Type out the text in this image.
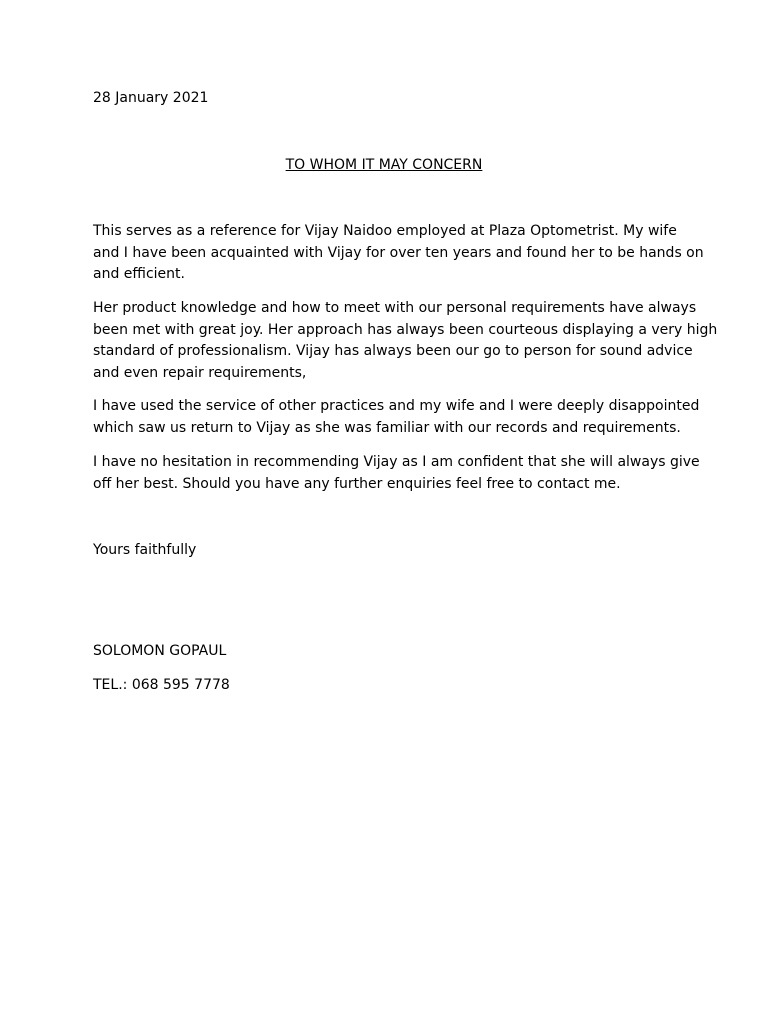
28 January 2021
TO WHOM IT MAY CONCERN

This serves as a reference for Vijay Naidoo employed at Plaza Optometrist. My wife
and I have been acquainted with Vijay for over ten years and found her to be hands on
and efficient.

Her product knowledge and how to meet with our personal requirements have always
been met with great joy. Her approach has always been courteous displaying a very high
standard of professionalism. Vijay has always been our go to person for sound advice
and even repair requirements,

I have used the service of other practices and my wife and I were deeply disappointed
which saw us return to Vijay as she was familiar with our records and requirements.

I have no hesitation in recommending Vijay as I am confident that she will always give
off her best. Should you have any further enquiries feel free to contact me.

Yours faithfully
SOLOMON GOPAUL
TEL.: 068 595 7778
